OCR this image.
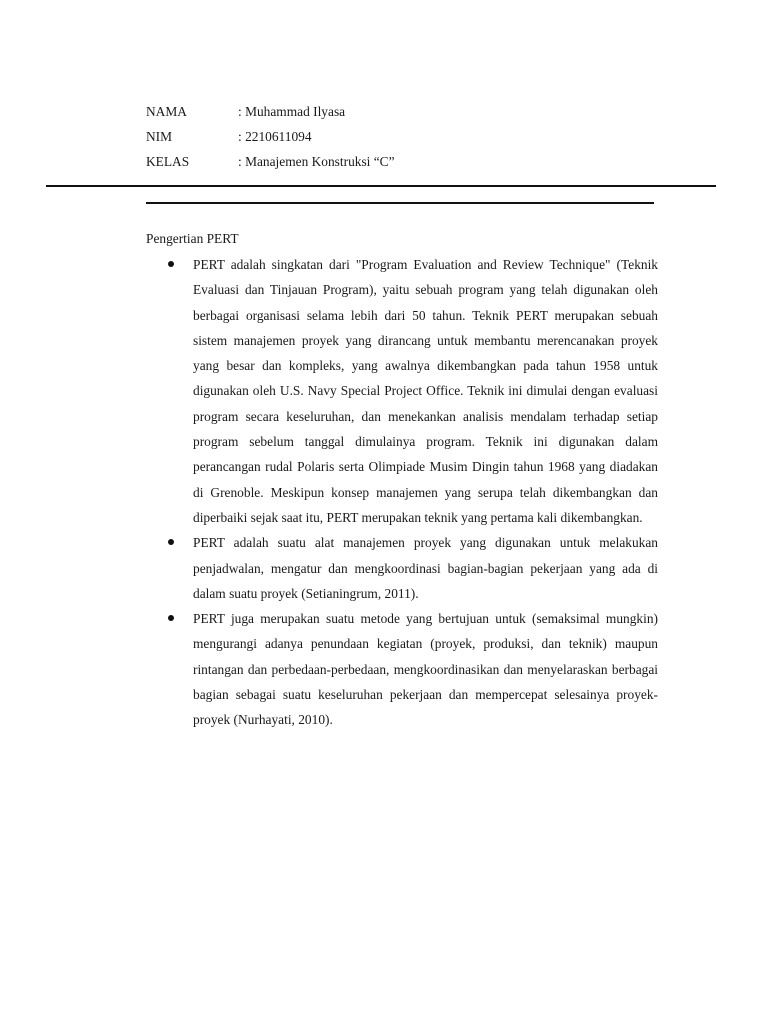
NAMA	: Muhammad Ilyasa
NIM	: 2210611094
KELAS	: Manajemen Konstruksi “C”
Pengertian PERT
PERT adalah singkatan dari "Program Evaluation and Review Technique" (Teknik Evaluasi dan Tinjauan Program), yaitu sebuah program yang telah digunakan oleh berbagai organisasi selama lebih dari 50 tahun. Teknik PERT merupakan sebuah sistem manajemen proyek yang dirancang untuk membantu merencanakan proyek yang besar dan kompleks, yang awalnya dikembangkan pada tahun 1958 untuk digunakan oleh U.S. Navy Special Project Office. Teknik ini dimulai dengan evaluasi program secara keseluruhan, dan menekankan analisis mendalam terhadap setiap program sebelum tanggal dimulainya program. Teknik ini digunakan dalam perancangan rudal Polaris serta Olimpiade Musim Dingin tahun 1968 yang diadakan di Grenoble. Meskipun konsep manajemen yang serupa telah dikembangkan dan diperbaiki sejak saat itu, PERT merupakan teknik yang pertama kali dikembangkan.
PERT adalah suatu alat manajemen proyek yang digunakan untuk melakukan penjadwalan, mengatur dan mengkoordinasi bagian-bagian pekerjaan yang ada di dalam suatu proyek (Setianingrum, 2011).
PERT juga merupakan suatu metode yang bertujuan untuk (semaksimal mungkin) mengurangi adanya penundaan kegiatan (proyek, produksi, dan teknik) maupun rintangan dan perbedaan-perbedaan, mengkoordinasikan dan menyelaraskan berbagai bagian sebagai suatu keseluruhan pekerjaan dan mempercepat selesainya proyek-proyek (Nurhayati, 2010).
